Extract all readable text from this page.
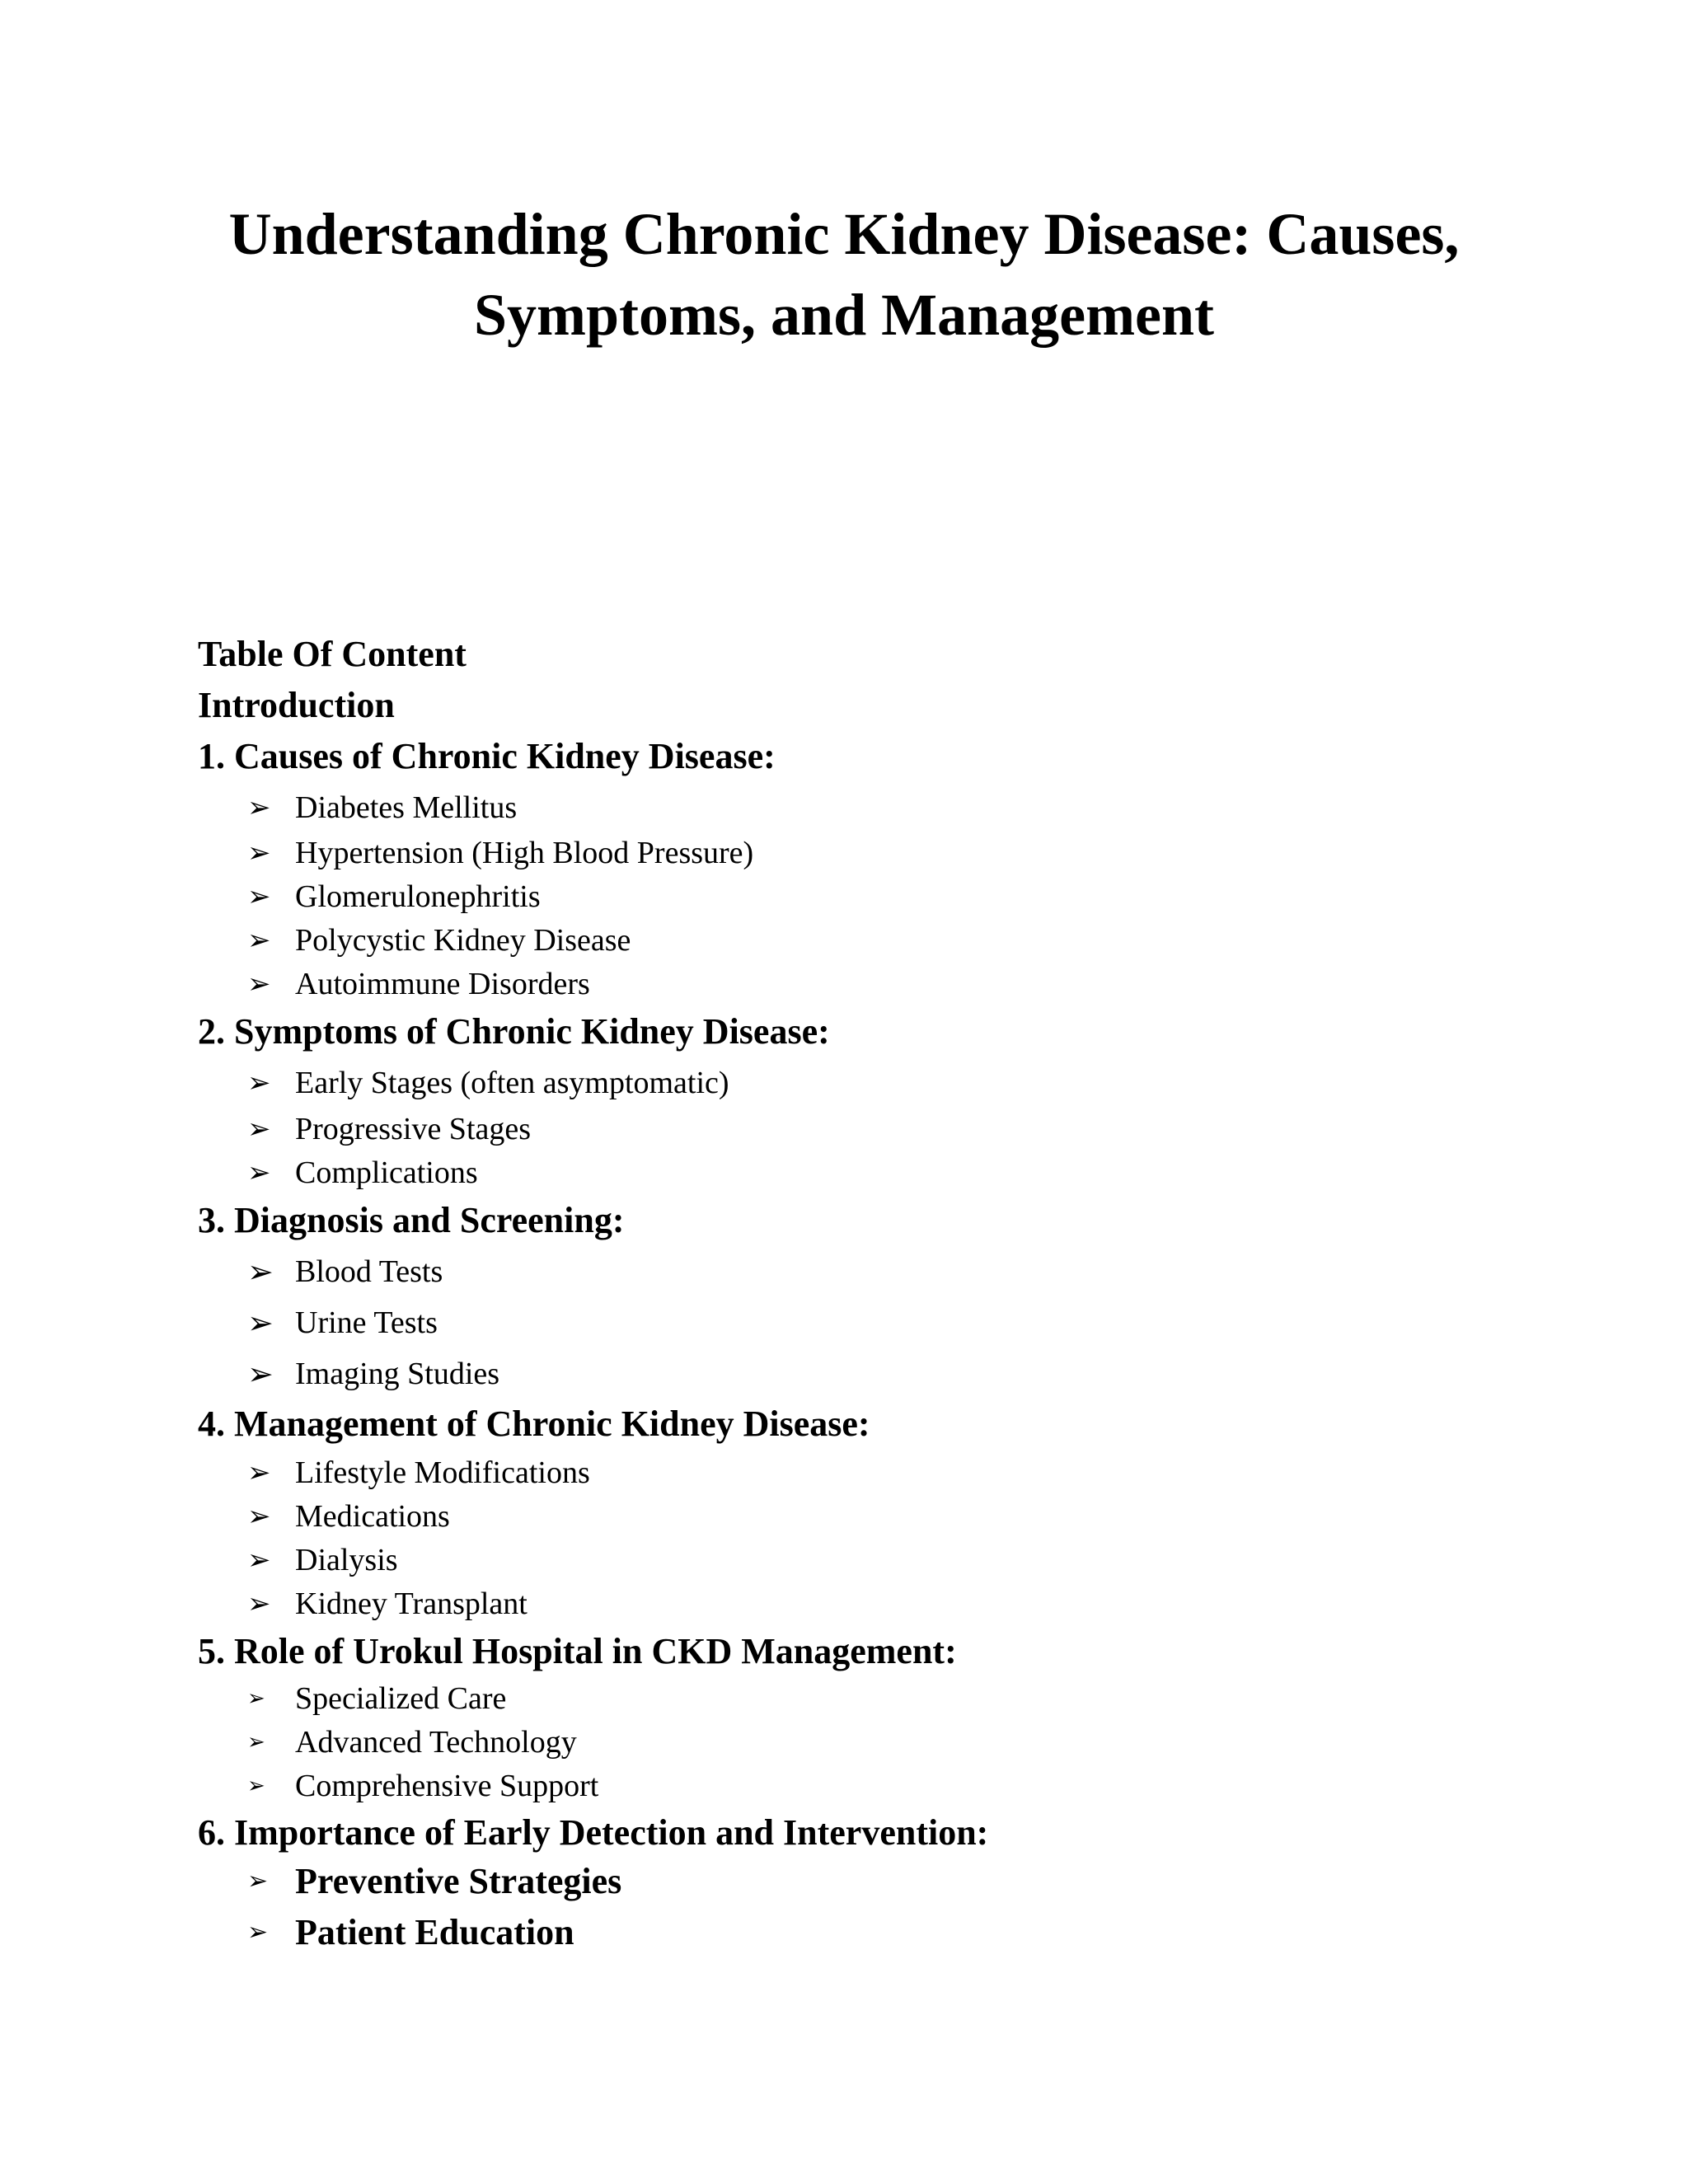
Understanding Chronic Kidney Disease: Causes,
Symptoms, and Management

Table Of Content

Introduction

1. Causes of Chronic Kidney Disease:

➢ Diabetes Mellitus

➢ Hypertension (High Blood Pressure)

➢ Glomerulonephritis

➢ Polycystic Kidney Disease

➢ Autoimmune Disorders

2. Symptoms of Chronic Kidney Disease:

➢ Early Stages (often asymptomatic)

➢ Progressive Stages

➢ Complications

3. Diagnosis and Screening:

➢ Blood Tests

➢ Urine Tests

➢ Imaging Studies

4. Management of Chronic Kidney Disease:

➢ Lifestyle Modifications

➢ Medications

➢ Dialysis

➢ Kidney Transplant

5. Role of Urokul Hospital in CKD Management:

➢ Specialized Care

➢ Advanced Technology

➢ Comprehensive Support

6. Importance of Early Detection and Intervention:

➢ Preventive Strategies

➢ Patient Education
